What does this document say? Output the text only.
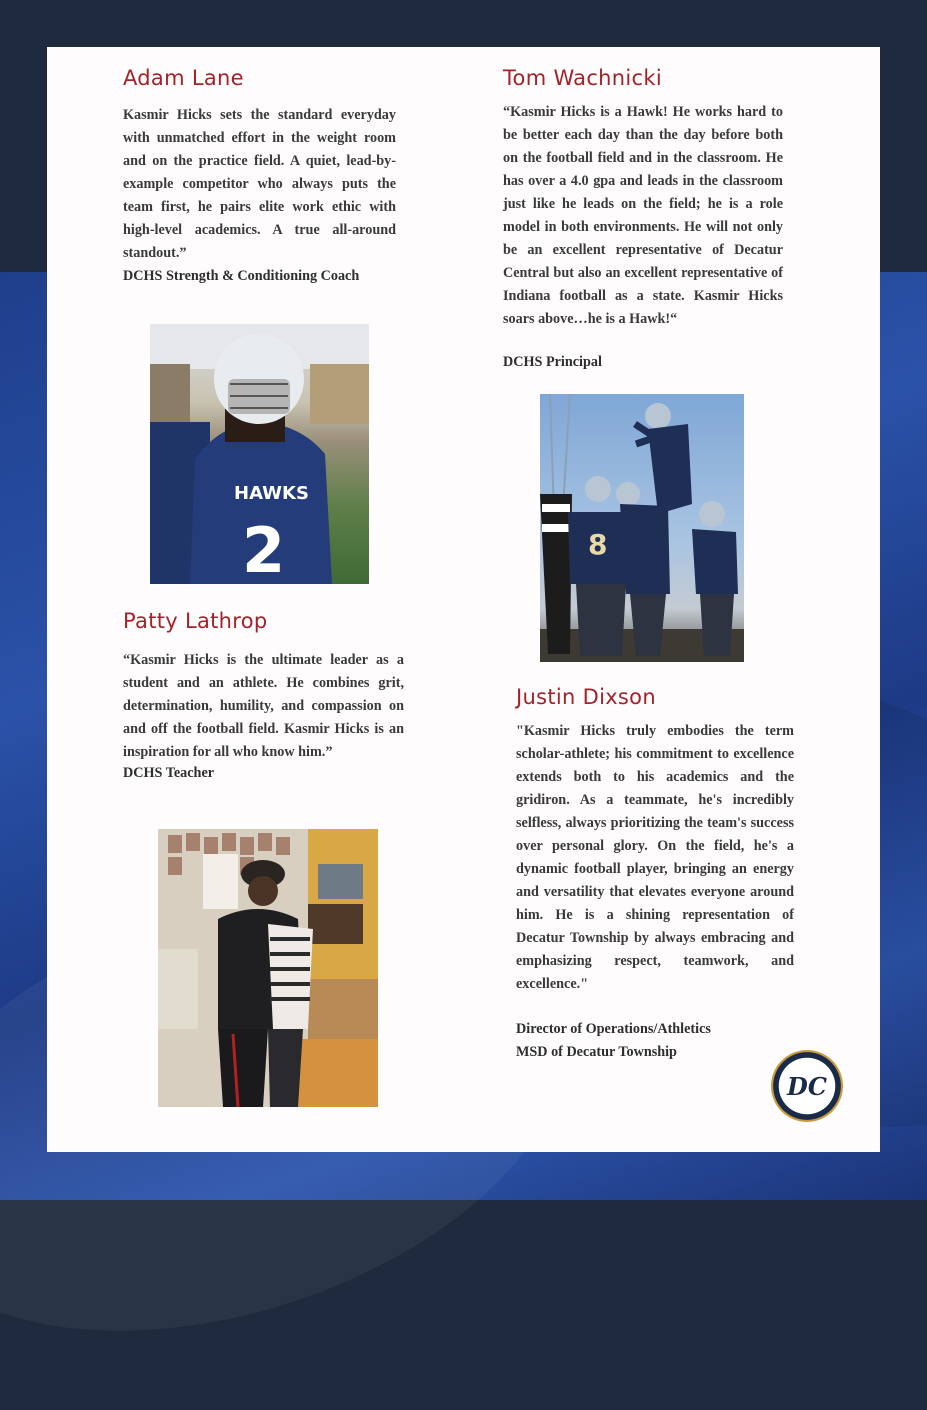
Adam Lane

Kasmir Hicks sets the standard everyday with unmatched effort in the weight room and on the practice field. A quiet, lead-by-example competitor who always puts the team first, he pairs elite work ethic with high-level academics. A true all-around standout.”

DCHS Strength & Conditioning Coach

Tom Wachnicki

“Kasmir Hicks is a Hawk! He works hard to be better each day than the day before both on the football field and in the classroom. He has over a 4.0 gpa and leads in the classroom just like he leads on the field; he is a role model in both environments. He will not only be an excellent representative of Decatur Central but also an excellent representative of Indiana football as a state. Kasmir Hicks soars above…he is a Hawk!“

DCHS Principal

HAWKS
2	8
Patty Lathrop

“Kasmir Hicks is the ultimate leader as a student and an athlete. He combines grit, determination, humility, and compassion on and off the football field. Kasmir Hicks is an inspiration for all who know him.”

DCHS Teacher

Justin Dixson

"Kasmir Hicks truly embodies the term scholar-athlete; his commitment to excellence extends both to his academics and the gridiron. As a teammate, he's incredibly selfless, always prioritizing the team's success over personal glory. On the field, he's a dynamic football player, bringing an energy and versatility that elevates everyone around him. He is a shining representation of Decatur Township by always embracing and emphasizing respect, teamwork, and excellence."

Director of Operations/Athletics

MSD of Decatur Township

DC
